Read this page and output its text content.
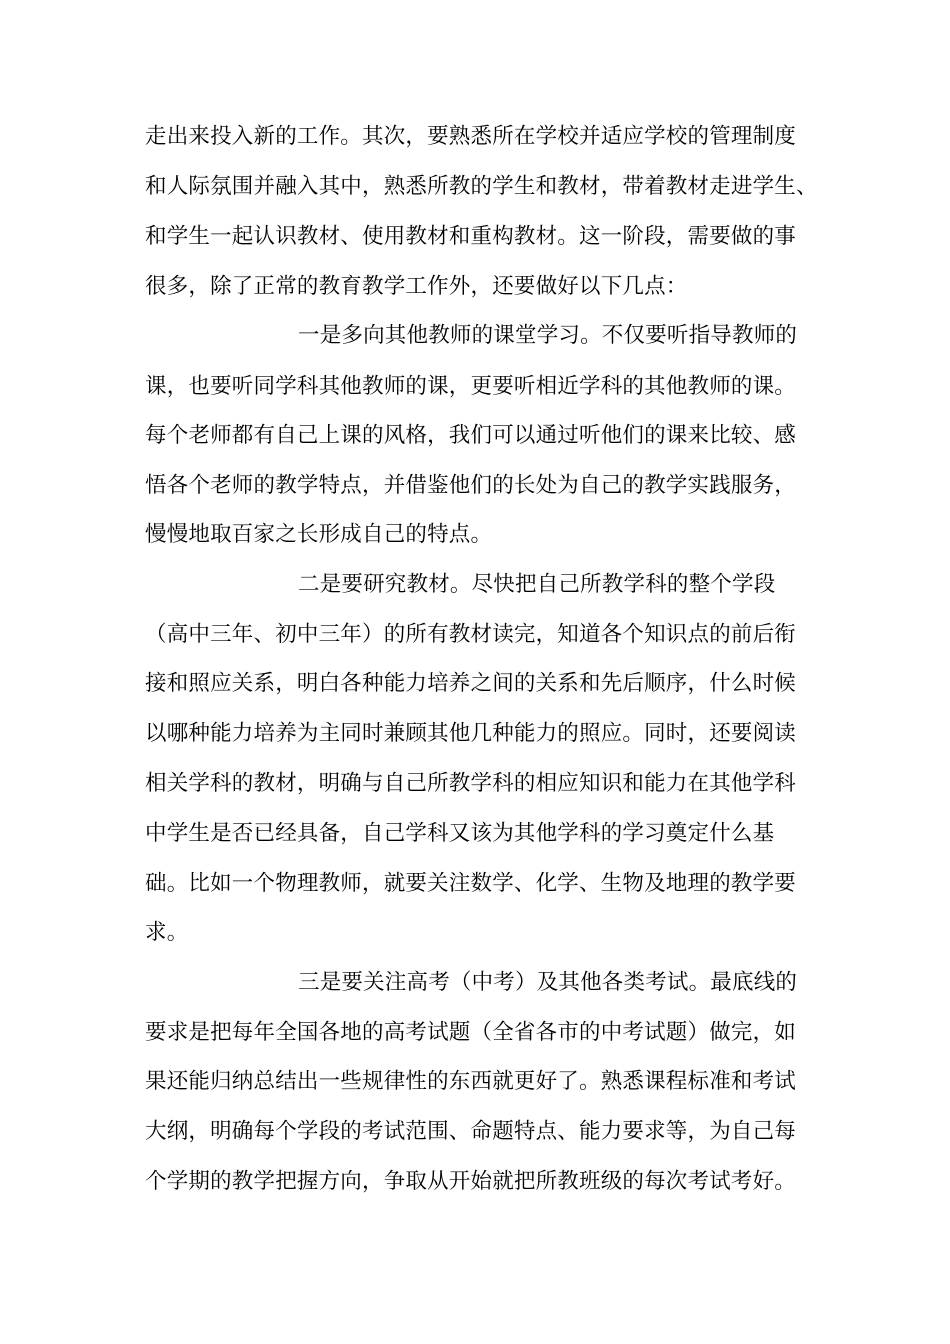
走出来投入新的工作。其次，要熟悉所在学校并适应学校的管理制度
和人际氛围并融入其中，熟悉所教的学生和教材，带着教材走进学生、
和学生一起认识教材、使用教材和重构教材。这一阶段，需要做的事
很多，除了正常的教育教学工作外，还要做好以下几点：
一是多向其他教师的课堂学习。不仅要听指导教师的
课，也要听同学科其他教师的课，更要听相近学科的其他教师的课。
每个老师都有自己上课的风格，我们可以通过听他们的课来比较、感
悟各个老师的教学特点，并借鉴他们的长处为自己的教学实践服务，
慢慢地取百家之长形成自己的特点。
二是要研究教材。尽快把自己所教学科的整个学段
（高中三年、初中三年）的所有教材读完，知道各个知识点的前后衔
接和照应关系，明白各种能力培养之间的关系和先后顺序，什么时候
以哪种能力培养为主同时兼顾其他几种能力的照应。同时，还要阅读
相关学科的教材，明确与自己所教学科的相应知识和能力在其他学科
中学生是否已经具备，自己学科又该为其他学科的学习奠定什么基
础。比如一个物理教师，就要关注数学、化学、生物及地理的教学要
求。
三是要关注高考（中考）及其他各类考试。最底线的
要求是把每年全国各地的高考试题（全省各市的中考试题）做完，如
果还能归纳总结出一些规律性的东西就更好了。熟悉课程标准和考试
大纲，明确每个学段的考试范围、命题特点、能力要求等，为自己每
个学期的教学把握方向，争取从开始就把所教班级的每次考试考好。
